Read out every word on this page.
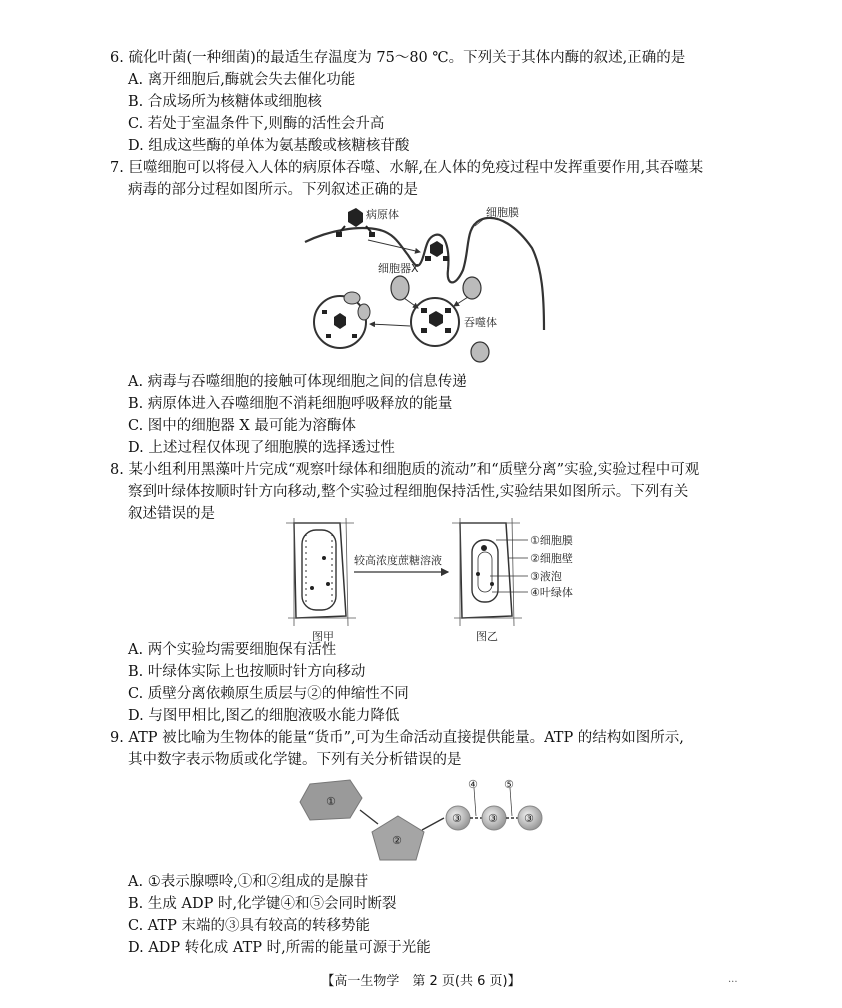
6. 硫化叶菌(一种细菌)的最适生存温度为 75～80 ℃。下列关于其体内酶的叙述,正确的是
A. 离开细胞后,酶就会失去催化功能
B. 合成场所为核糖体或细胞核
C. 若处于室温条件下,则酶的活性会升高
D. 组成这些酶的单体为氨基酸或核糖核苷酸
7. 巨噬细胞可以将侵入人体的病原体吞噬、水解,在人体的免疫过程中发挥重要作用,其吞噬某
病毒的部分过程如图所示。下列叙述正确的是
病原体	细胞膜
细胞器X
吞噬体
A. 病毒与吞噬细胞的接触可体现细胞之间的信息传递
B. 病原体进入吞噬细胞不消耗细胞呼吸释放的能量
C. 图中的细胞器 X 最可能为溶酶体
D. 上述过程仅体现了细胞膜的选择透过性
8. 某小组利用黑藻叶片完成“观察叶绿体和细胞质的流动”和“质壁分离”实验,实验过程中可观
察到叶绿体按顺时针方向移动,整个实验过程细胞保持活性,实验结果如图所示。下列有关
叙述错误的是
图甲
较高浓度蔗糖溶液
图乙
①细胞膜
②细胞壁
③液泡
④叶绿体
A. 两个实验均需要细胞保有活性
B. 叶绿体实际上也按顺时针方向移动
C. 质壁分离依赖原生质层与②的伸缩性不同
D. 与图甲相比,图乙的细胞液吸水能力降低
9. ATP 被比喻为生物体的能量“货币”,可为生命活动直接提供能量。ATP 的结构如图所示,
其中数字表示物质或化学键。下列有关分析错误的是
①
②
③ ③ ③
④ ⑤
A. ①表示腺嘌呤,①和②组成的是腺苷
B. 生成 ADP 时,化学键④和⑤会同时断裂
C. ATP 末端的③具有较高的转移势能
D. ADP 转化成 ATP 时,所需的能量可源于光能
【高一生物学　第 2 页(共 6 页)】	...
